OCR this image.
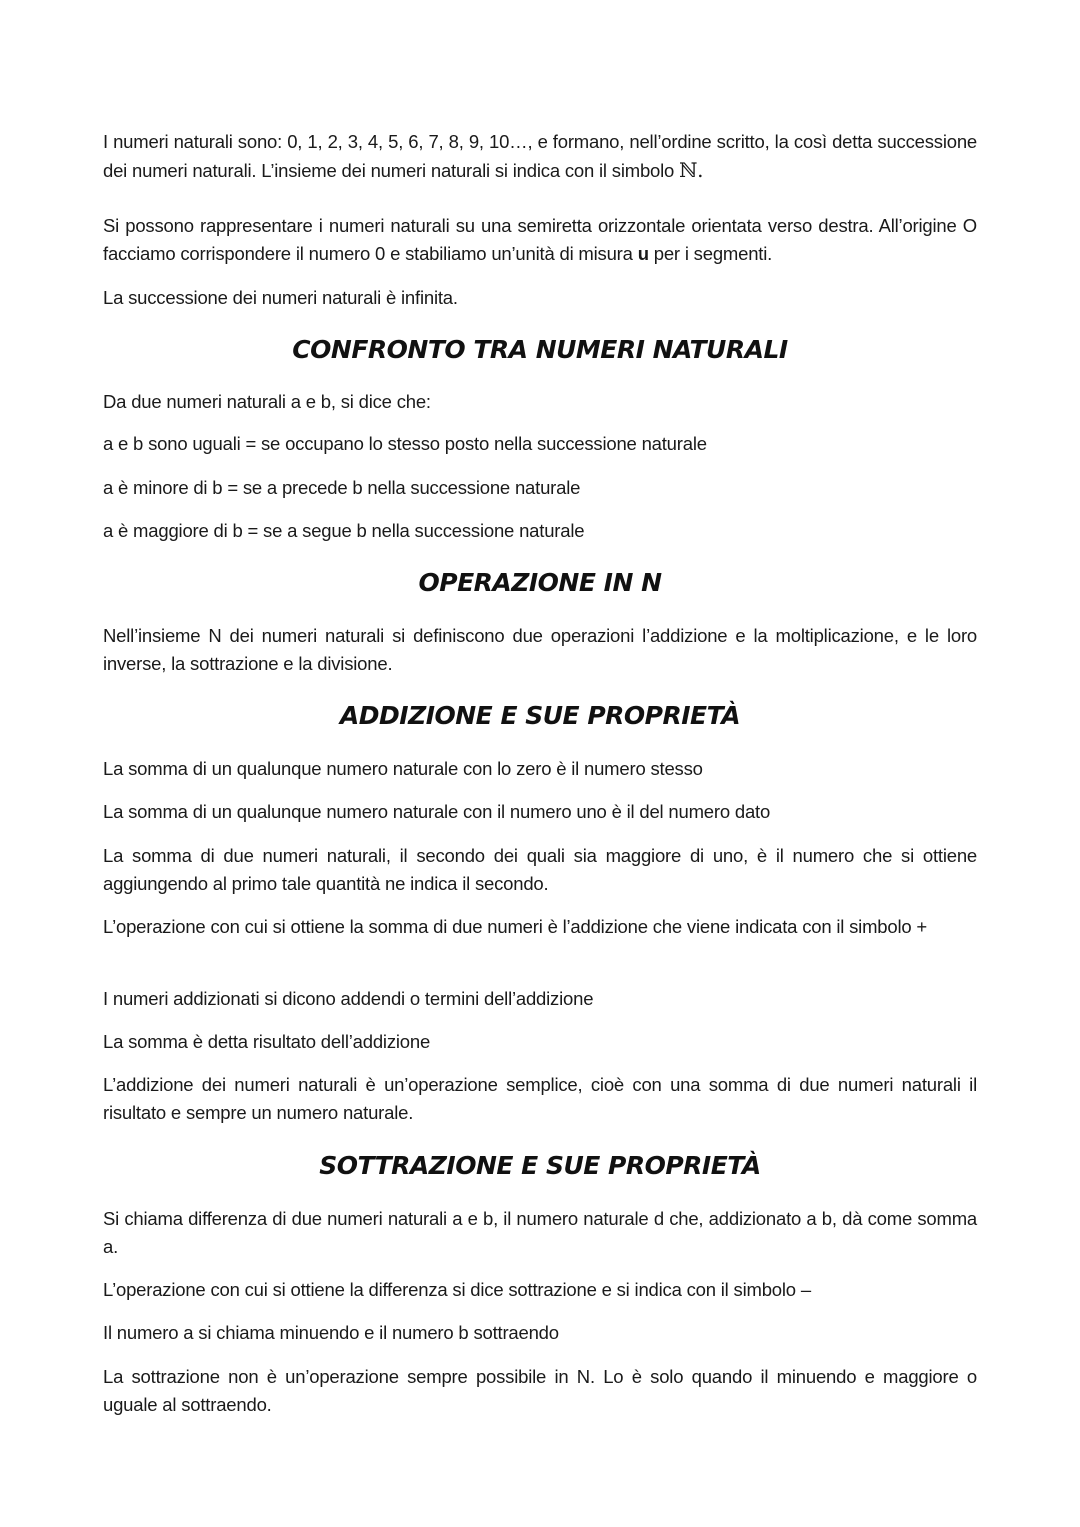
I numeri naturali sono: 0, 1, 2, 3, 4, 5, 6, 7, 8, 9, 10…, e formano, nell’ordine scritto, la così detta successione dei numeri naturali. L’insieme dei numeri naturali si indica con il simbolo ℕ.
Si possono rappresentare i numeri naturali su una semiretta orizzontale orientata verso destra. All’origine O facciamo corrispondere il numero 0 e stabiliamo un’unità di misura u per i segmenti.
La successione dei numeri naturali è infinita.
CONFRONTO TRA NUMERI NATURALI
Da due numeri naturali a e b, si dice che:
a e b sono uguali = se occupano lo stesso posto nella successione naturale
a è minore di b = se a precede b nella successione naturale
a è maggiore di b = se a segue b nella successione naturale
OPERAZIONE IN N
Nell’insieme N dei numeri naturali si definiscono due operazioni l’addizione e la moltiplicazione, e le loro inverse, la sottrazione e la divisione.
ADDIZIONE E SUE PROPRIETÀ
La somma di un qualunque numero naturale con lo zero è il numero stesso
La somma di un qualunque numero naturale con il numero uno è il del numero dato
La somma di due numeri naturali, il secondo dei quali sia maggiore di uno, è il numero che si ottiene aggiungendo al primo tale quantità ne indica il secondo.
L’operazione con cui si ottiene la somma di due numeri è l’addizione che viene indicata con il simbolo +
I numeri addizionati si dicono addendi o termini dell’addizione
La somma è detta risultato dell’addizione
L’addizione dei numeri naturali è un’operazione semplice, cioè con una somma di due numeri naturali il risultato e sempre un numero naturale.
SOTTRAZIONE E SUE PROPRIETÀ
Si chiama differenza di due numeri naturali a e b, il numero naturale d che, addizionato a b, dà come somma a.
L’operazione con cui si ottiene la differenza si dice sottrazione e si indica con il simbolo –
Il numero a si chiama minuendo e il numero b sottraendo
La sottrazione non è un’operazione sempre possibile in N. Lo è solo quando il minuendo e maggiore o uguale al sottraendo.
